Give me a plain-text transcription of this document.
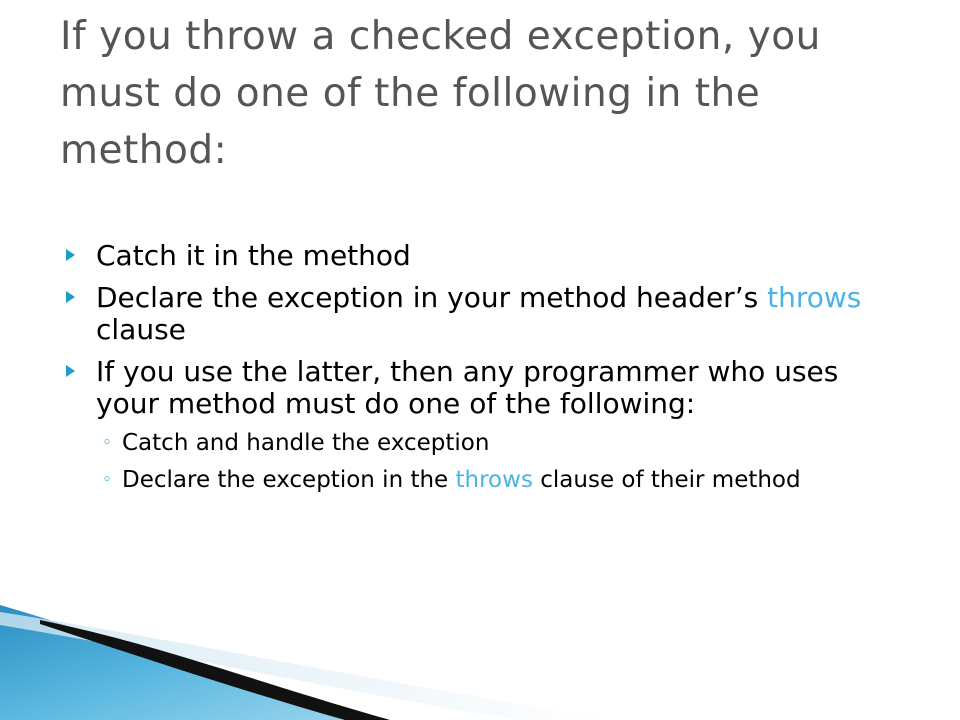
If you throw a checked exception, you must do one of the following in the method:
Catch it in the method
Declare the exception in your method header’s throws clause
If you use the latter, then any programmer who uses your method must do one of the following:
◦ Catch and handle the exception
◦ Declare the exception in the throws clause of their method
